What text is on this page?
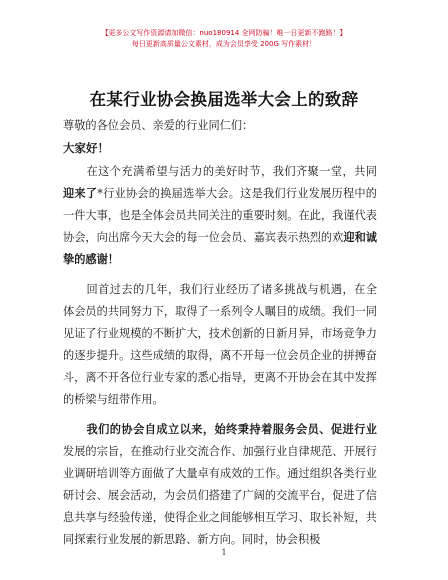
【更多公文写作资源请加微信：nuo180914 全网防骗！唯一日更新不跑路！】
每日更新高质量公文素材，成为会员享受 200G 写作素材！
在某行业协会换届选举大会上的致辞

尊敬的各位会员、亲爱的行业同仁们：

大家好！

在这个充满希望与活力的美好时节，我们齐聚一堂，共同迎来了*行业协会的换届选举大会。这是我们行业发展历程中的一件大事，也是全体会员共同关注的重要时刻。在此，我谨代表协会，向出席今天大会的每一位会员、嘉宾表示热烈的欢迎和诚挚的感谢！

回首过去的几年，我们行业经历了诸多挑战与机遇，在全体会员的共同努力下，取得了一系列令人瞩目的成绩。我们一同见证了行业规模的不断扩大，技术创新的日新月异，市场竞争力的逐步提升。这些成绩的取得，离不开每一位会员企业的拼搏奋斗，离不开各位行业专家的悉心指导，更离不开协会在其中发挥的桥梁与纽带作用。

我们的协会自成立以来，始终秉持着服务会员、促进行业发展的宗旨，在推动行业交流合作、加强行业自律规范、开展行业调研培训等方面做了大量卓有成效的工作。通过组织各类行业研讨会、展会活动，为会员们搭建了广阔的交流平台，促进了信息共享与经验传递，使得企业之间能够相互学习、取长补短，共同探索行业发展的新思路、新方向。同时，协会积极

1
